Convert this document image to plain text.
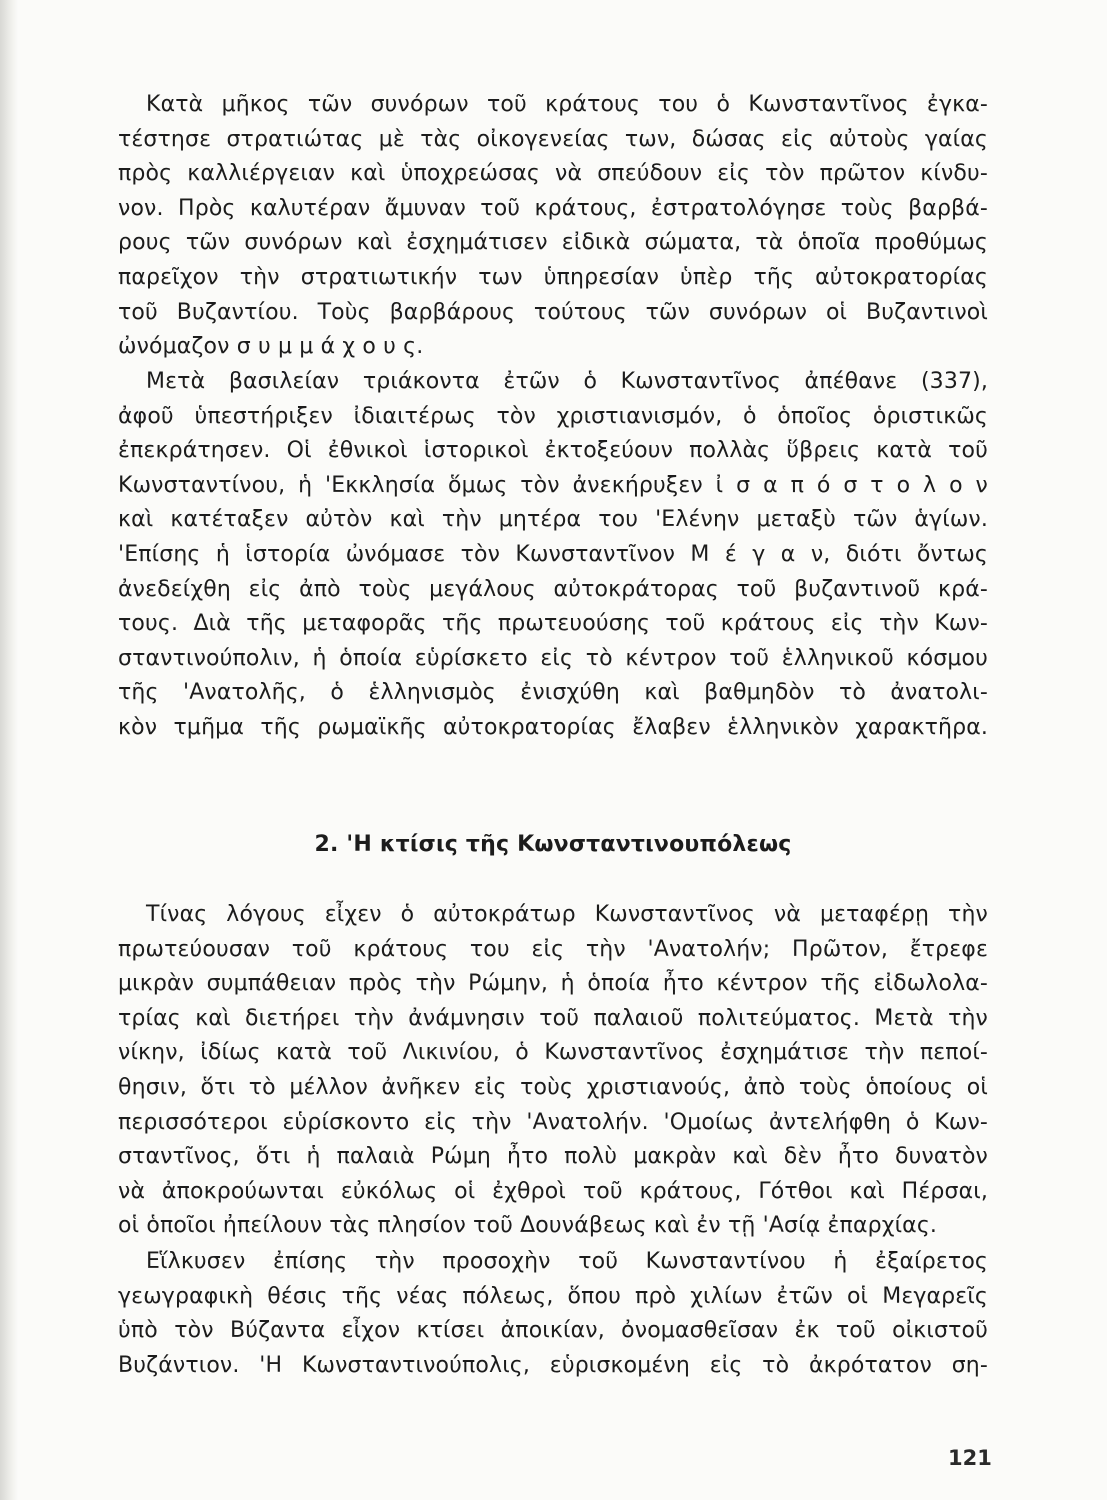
Κατὰ μῆκος τῶν συνόρων τοῦ κράτους του ὁ Κωνσταντῖνος ἐγκα-
τέστησε στρατιώτας μὲ τὰς οἰκογενείας των, δώσας εἰς αὐτοὺς γαίας
πρὸς καλλιέργειαν καὶ ὑποχρεώσας νὰ σπεύδουν εἰς τὸν πρῶτον κίνδυ-
νον. Πρὸς καλυτέραν ἄμυναν τοῦ κράτους, ἐστρατολόγησε τοὺς βαρβά-
ρους τῶν συνόρων καὶ ἐσχημάτισεν εἰδικὰ σώματα, τὰ ὁποῖα προθύμως
παρεῖχον τὴν στρατιωτικήν των ὑπηρεσίαν ὑπὲρ τῆς αὐτοκρατορίας
τοῦ Βυζαντίου. Τοὺς βαρβάρους τούτους τῶν συνόρων οἱ Βυζαντινοὶ
ὠνόμαζον σ υ μ μ ά χ ο υ ς.

Μετὰ βασιλείαν τριάκοντα ἐτῶν ὁ Κωνσταντῖνος ἀπέθανε (337),
ἀφοῦ ὑπεστήριξεν ἰδιαιτέρως τὸν χριστιανισμόν, ὁ ὁποῖος ὁριστικῶς
ἐπεκράτησεν. Οἱ ἐθνικοὶ ἱστορικοὶ ἐκτοξεύουν πολλὰς ὕβρεις κατὰ τοῦ
Κωνσταντίνου, ἡ 'Εκκλησία ὅμως τὸν ἀνεκήρυξεν ἰ σ α π ό σ τ ο λ ο ν
καὶ κατέταξεν αὐτὸν καὶ τὴν μητέρα του 'Ελένην μεταξὺ τῶν ἁγίων.
'Επίσης ἡ ἱστορία ὠνόμασε τὸν Κωνσταντῖνον Μ έ γ α ν, διότι ὄντως
ἀνεδείχθη εἰς ἀπὸ τοὺς μεγάλους αὐτοκράτορας τοῦ βυζαντινοῦ κρά-
τους. Διὰ τῆς μεταφορᾶς τῆς πρωτευούσης τοῦ κράτους εἰς τὴν Κων-
σταντινούπολιν, ἡ ὁποία εὑρίσκετο εἰς τὸ κέντρον τοῦ ἑλληνικοῦ κόσμου
τῆς 'Ανατολῆς, ὁ ἑλληνισμὸς ἐνισχύθη καὶ βαθμηδὸν τὸ ἀνατολι-
κὸν τμῆμα τῆς ρωμαϊκῆς αὐτοκρατορίας ἔλαβεν ἑλληνικὸν χαρακτῆρα.

2. 'Η κτίσις τῆς Κωνσταντινουπόλεως

Τίνας λόγους εἶχεν ὁ αὐτοκράτωρ Κωνσταντῖνος νὰ μεταφέρῃ τὴν
πρωτεύουσαν τοῦ κράτους του εἰς τὴν 'Ανατολήν; Πρῶτον, ἔτρεφε
μικρὰν συμπάθειαν πρὸς τὴν Ρώμην, ἡ ὁποία ἦτο κέντρον τῆς εἰδωλολα-
τρίας καὶ διετήρει τὴν ἀνάμνησιν τοῦ παλαιοῦ πολιτεύματος. Μετὰ τὴν
νίκην, ἰδίως κατὰ τοῦ Λικινίου, ὁ Κωνσταντῖνος ἐσχημάτισε τὴν πεποί-
θησιν, ὅτι τὸ μέλλον ἀνῆκεν εἰς τοὺς χριστιανούς, ἀπὸ τοὺς ὁποίους οἱ
περισσότεροι εὑρίσκοντο εἰς τὴν 'Ανατολήν. 'Ομοίως ἀντελήφθη ὁ Κων-
σταντῖνος, ὅτι ἡ παλαιὰ Ρώμη ἦτο πολὺ μακρὰν καὶ δὲν ἦτο δυνατὸν
νὰ ἀποκρούωνται εὐκόλως οἱ ἐχθροὶ τοῦ κράτους, Γότθοι καὶ Πέρσαι,
οἱ ὁποῖοι ἠπείλουν τὰς πλησίον τοῦ Δουνάβεως καὶ ἐν τῇ 'Ασίᾳ ἐπαρχίας.

Εἵλκυσεν ἐπίσης τὴν προσοχὴν τοῦ Κωνσταντίνου ἡ ἐξαίρετος
γεωγραφικὴ θέσις τῆς νέας πόλεως, ὅπου πρὸ χιλίων ἐτῶν οἱ Μεγαρεῖς
ὑπὸ τὸν Βύζαντα εἶχον κτίσει ἀποικίαν, ὀνομασθεῖσαν ἐκ τοῦ οἰκιστοῦ
Βυζάντιον. 'Η Κωνσταντινούπολις, εὑρισκομένη εἰς τὸ ἀκρότατον ση-

121
